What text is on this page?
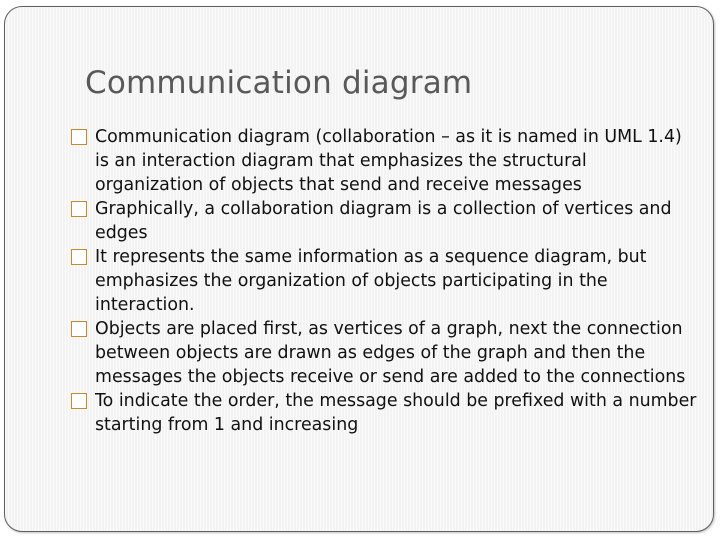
Communication diagram
Communication diagram (collaboration – as it is named in UML 1.4) is an interaction diagram that emphasizes the structural organization of objects that send and receive messages
Graphically, a collaboration diagram is a collection of vertices and edges
It represents the same information as a sequence diagram, but emphasizes the organization of objects participating in the interaction.
Objects are placed first, as vertices of a graph, next the connection between objects are drawn as edges of the graph and then the messages the objects receive or send are added to the connections
To indicate the order, the message should be prefixed with a number starting from 1 and increasing
